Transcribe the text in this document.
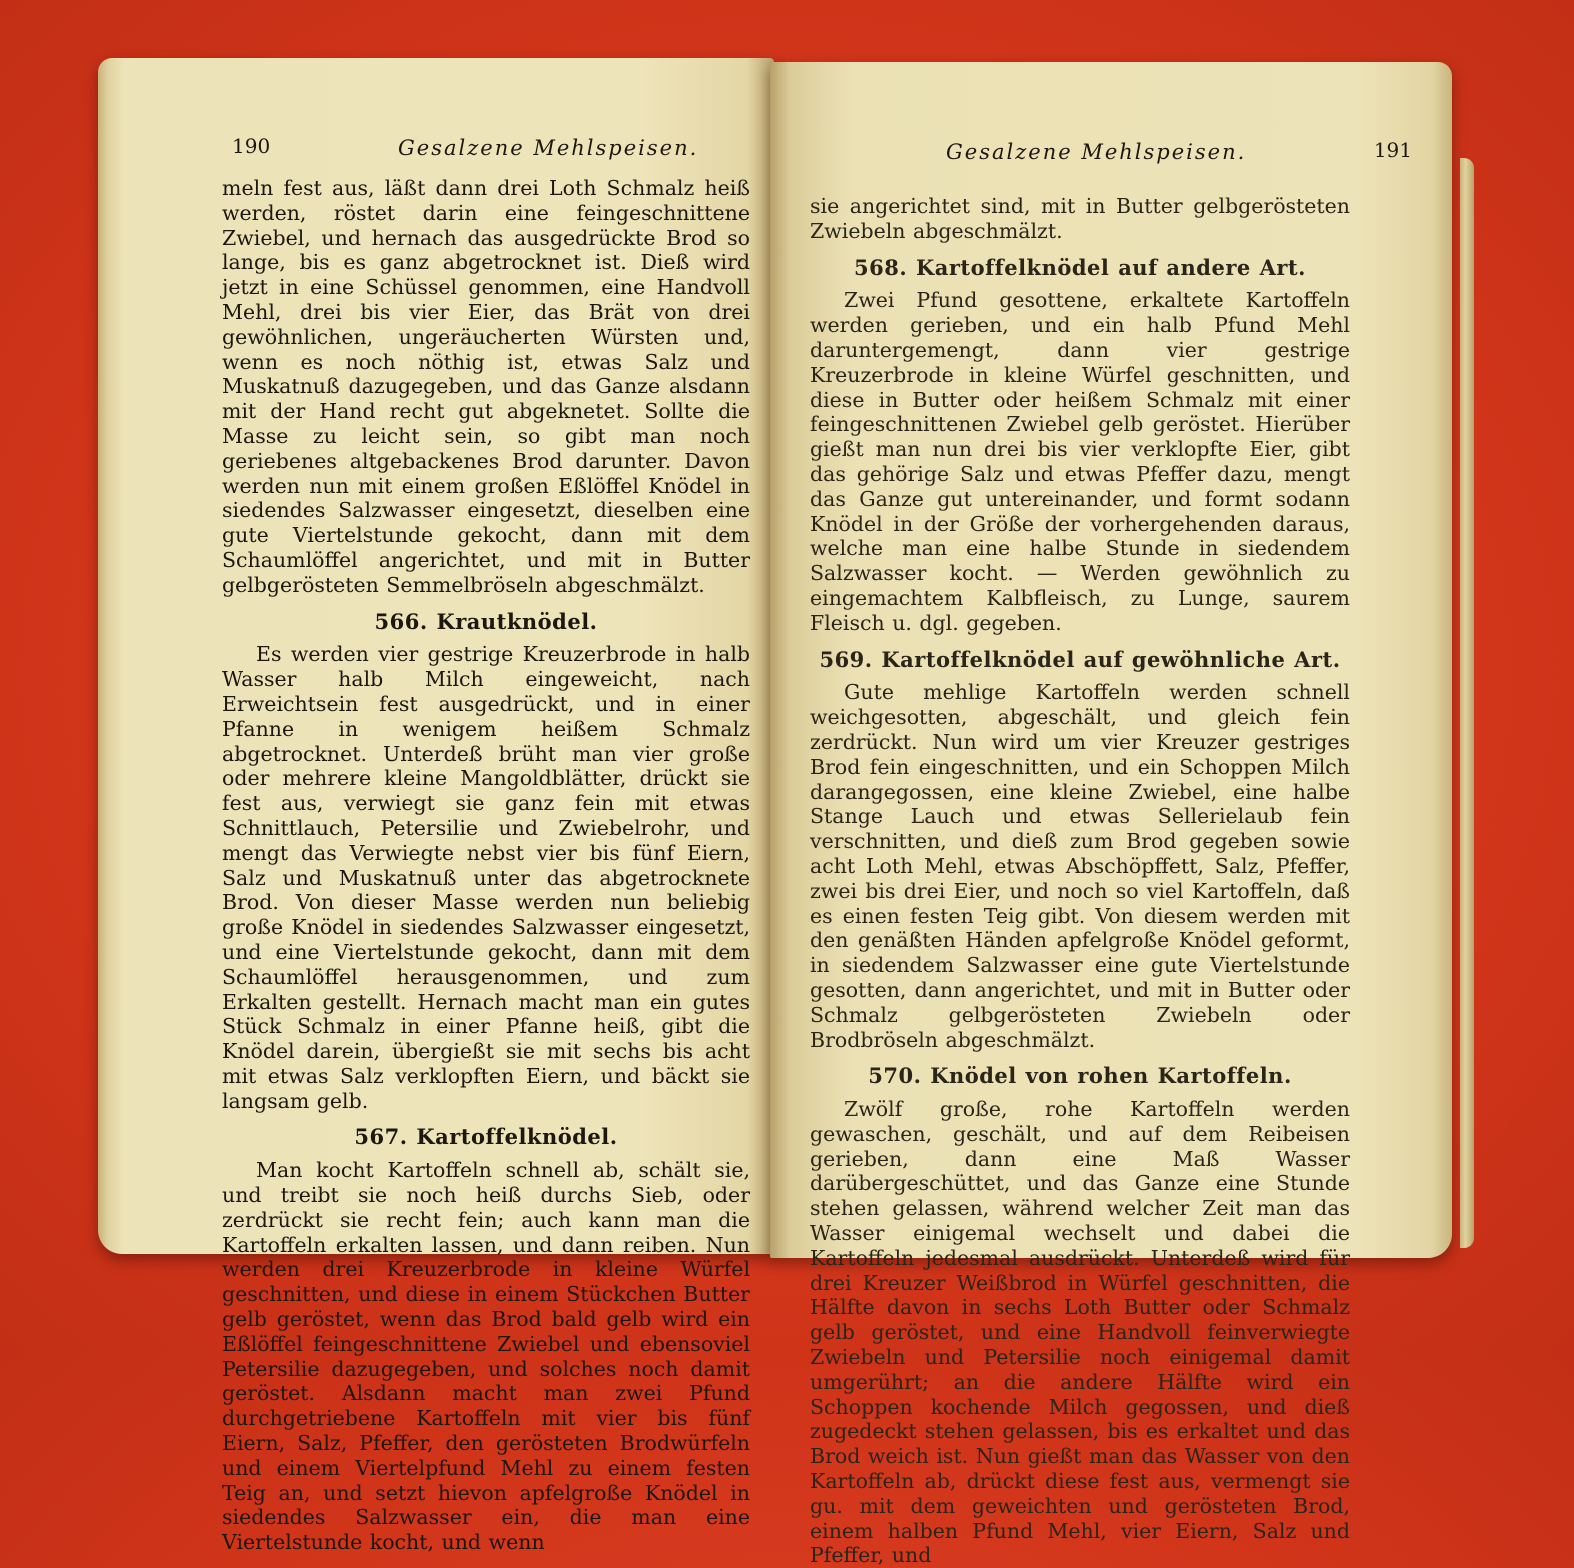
190	Gesalzene Mehlspeisen.

meln fest aus, läßt dann drei Loth Schmalz heiß werden, röstet darin eine feingeschnittene Zwiebel, und hernach das ausgedrückte Brod so lange, bis es ganz abgetrocknet ist. Dieß wird jetzt in eine Schüssel genommen, eine Handvoll Mehl, drei bis vier Eier, das Brät von drei gewöhnlichen, ungeräucherten Würsten und, wenn es noch nöthig ist, etwas Salz und Muskatnuß dazugegeben, und das Ganze alsdann mit der Hand recht gut abgeknetet. Sollte die Masse zu leicht sein, so gibt man noch geriebenes altgebackenes Brod darunter. Davon werden nun mit einem großen Eßlöffel Knödel in siedendes Salzwasser eingesetzt, dieselben eine gute Viertelstunde gekocht, dann mit dem Schaumlöffel angerichtet, und mit in Butter gelbgerösteten Semmelbröseln abgeschmälzt.

566. Krautknödel.

Es werden vier gestrige Kreuzerbrode in halb Wasser halb Milch eingeweicht, nach Erweichtsein fest ausgedrückt, und in einer Pfanne in wenigem heißem Schmalz abgetrocknet. Unterdeß brüht man vier große oder mehrere kleine Mangoldblätter, drückt sie fest aus, verwiegt sie ganz fein mit etwas Schnittlauch, Petersilie und Zwiebelrohr, und mengt das Verwiegte nebst vier bis fünf Eiern, Salz und Muskatnuß unter das abgetrocknete Brod. Von dieser Masse werden nun beliebig große Knödel in siedendes Salzwasser eingesetzt, und eine Viertelstunde gekocht, dann mit dem Schaumlöffel herausgenommen, und zum Erkalten gestellt. Hernach macht man ein gutes Stück Schmalz in einer Pfanne heiß, gibt die Knödel darein, übergießt sie mit sechs bis acht mit etwas Salz verklopften Eiern, und bäckt sie langsam gelb.

567. Kartoffelknödel.

Man kocht Kartoffeln schnell ab, schält sie, und treibt sie noch heiß durchs Sieb, oder zerdrückt sie recht fein; auch kann man die Kartoffeln erkalten lassen, und dann reiben. Nun werden drei Kreuzerbrode in kleine Würfel geschnitten, und diese in einem Stückchen Butter gelb geröstet, wenn das Brod bald gelb wird ein Eßlöffel feingeschnittene Zwiebel und ebensoviel Petersilie dazugegeben, und solches noch damit geröstet. Alsdann macht man zwei Pfund durchgetriebene Kartoffeln mit vier bis fünf Eiern, Salz, Pfeffer, den gerösteten Brodwürfeln und einem Viertelpfund Mehl zu einem festen Teig an, und setzt hievon apfelgroße Knödel in siedendes Salzwasser ein, die man eine Viertelstunde kocht, und wenn

Gesalzene Mehlspeisen.	191

sie angerichtet sind, mit in Butter gelbgerösteten Zwiebeln abgeschmälzt.

568. Kartoffelknödel auf andere Art.

Zwei Pfund gesottene, erkaltete Kartoffeln werden gerieben, und ein halb Pfund Mehl daruntergemengt, dann vier gestrige Kreuzerbrode in kleine Würfel geschnitten, und diese in Butter oder heißem Schmalz mit einer feingeschnittenen Zwiebel gelb geröstet. Hierüber gießt man nun drei bis vier verklopfte Eier, gibt das gehörige Salz und etwas Pfeffer dazu, mengt das Ganze gut untereinander, und formt sodann Knödel in der Größe der vorhergehenden daraus, welche man eine halbe Stunde in siedendem Salzwasser kocht. — Werden gewöhnlich zu eingemachtem Kalbfleisch, zu Lunge, saurem Fleisch u. dgl. gegeben.

569. Kartoffelknödel auf gewöhnliche Art.

Gute mehlige Kartoffeln werden schnell weichgesotten, abgeschält, und gleich fein zerdrückt. Nun wird um vier Kreuzer gestriges Brod fein eingeschnitten, und ein Schoppen Milch darangegossen, eine kleine Zwiebel, eine halbe Stange Lauch und etwas Sellerielaub fein verschnitten, und dieß zum Brod gegeben sowie acht Loth Mehl, etwas Abschöpffett, Salz, Pfeffer, zwei bis drei Eier, und noch so viel Kartoffeln, daß es einen festen Teig gibt. Von diesem werden mit den genäßten Händen apfelgroße Knödel geformt, in siedendem Salzwasser eine gute Viertelstunde gesotten, dann angerichtet, und mit in Butter oder Schmalz gelbgerösteten Zwiebeln oder Brodbröseln abgeschmälzt.

570. Knödel von rohen Kartoffeln.

Zwölf große, rohe Kartoffeln werden gewaschen, geschält, und auf dem Reibeisen gerieben, dann eine Maß Wasser darübergeschüttet, und das Ganze eine Stunde stehen gelassen, während welcher Zeit man das Wasser einigemal wechselt und dabei die Kartoffeln jedesmal ausdrückt. Unterdeß wird für drei Kreuzer Weißbrod in Würfel geschnitten, die Hälfte davon in sechs Loth Butter oder Schmalz gelb geröstet, und eine Handvoll feinverwiegte Zwiebeln und Petersilie noch einigemal damit umgerührt; an die andere Hälfte wird ein Schoppen kochende Milch gegossen, und dieß zugedeckt stehen gelassen, bis es erkaltet und das Brod weich ist. Nun gießt man das Wasser von den Kartoffeln ab, drückt diese fest aus, vermengt sie gu. mit dem geweichten und gerösteten Brod, einem halben Pfund Mehl, vier Eiern, Salz und Pfeffer, und
